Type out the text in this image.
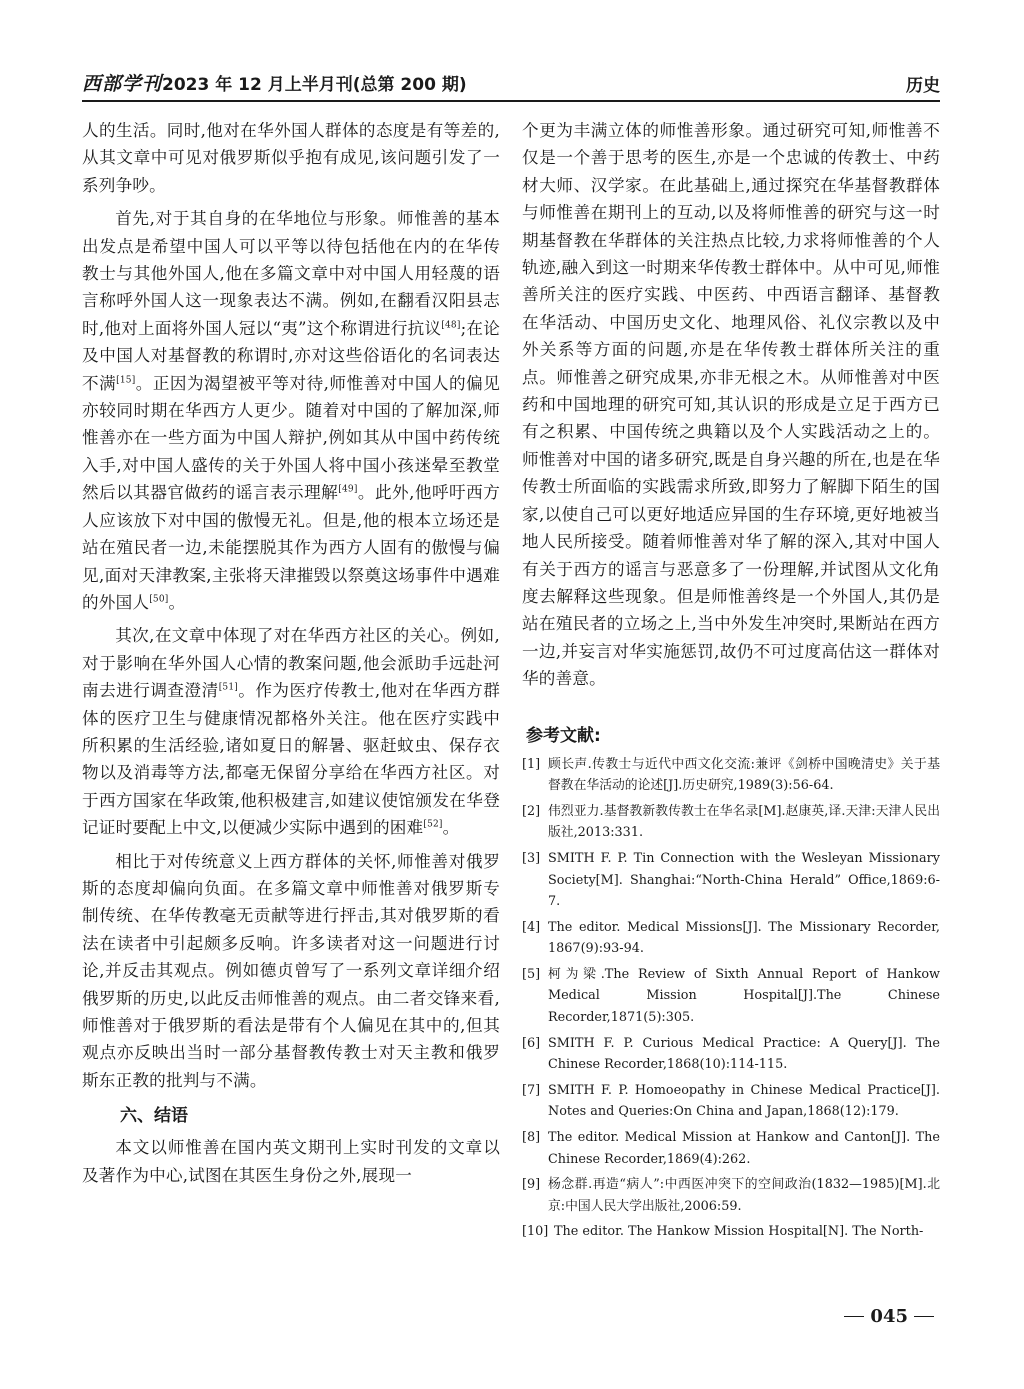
西部学刊 2023 年 12 月上半月刊(总第 200 期)	历史

人的生活。同时,他对在华外国人群体的态度是有等差的,从其文章中可见对俄罗斯似乎抱有成见,该问题引发了一系列争吵。

首先,对于其自身的在华地位与形象。师惟善的基本出发点是希望中国人可以平等以待包括他在内的在华传教士与其他外国人,他在多篇文章中对中国人用轻蔑的语言称呼外国人这一现象表达不满。例如,在翻看汉阳县志时,他对上面将外国人冠以“夷”这个称谓进行抗议[48];在论及中国人对基督教的称谓时,亦对这些俗语化的名词表达不满[15]。正因为渴望被平等对待,师惟善对中国人的偏见亦较同时期在华西方人更少。随着对中国的了解加深,师惟善亦在一些方面为中国人辩护,例如其从中国中药传统入手,对中国人盛传的关于外国人将中国小孩迷晕至教堂然后以其器官做药的谣言表示理解[49]。此外,他呼吁西方人应该放下对中国的傲慢无礼。但是,他的根本立场还是站在殖民者一边,未能摆脱其作为西方人固有的傲慢与偏见,面对天津教案,主张将天津摧毁以祭奠这场事件中遇难的外国人[50]。

其次,在文章中体现了对在华西方社区的关心。例如,对于影响在华外国人心情的教案问题,他会派助手远赴河南去进行调查澄清[51]。作为医疗传教士,他对在华西方群体的医疗卫生与健康情况都格外关注。他在医疗实践中所积累的生活经验,诸如夏日的解暑、驱赶蚊虫、保存衣物以及消毒等方法,都毫无保留分享给在华西方社区。对于西方国家在华政策,他积极建言,如建议使馆颁发在华登记证时要配上中文,以便减少实际中遇到的困难[52]。

相比于对传统意义上西方群体的关怀,师惟善对俄罗斯的态度却偏向负面。在多篇文章中师惟善对俄罗斯专制传统、在华传教毫无贡献等进行抨击,其对俄罗斯的看法在读者中引起颇多反响。许多读者对这一问题进行讨论,并反击其观点。例如德贞曾写了一系列文章详细介绍俄罗斯的历史,以此反击师惟善的观点。由二者交锋来看,师惟善对于俄罗斯的看法是带有个人偏见在其中的,但其观点亦反映出当时一部分基督教传教士对天主教和俄罗斯东正教的批判与不满。

六、结语

本文以师惟善在国内英文期刊上实时刊发的文章以及著作为中心,试图在其医生身份之外,展现一

个更为丰满立体的师惟善形象。通过研究可知,师惟善不仅是一个善于思考的医生,亦是一个忠诚的传教士、中药材大师、汉学家。在此基础上,通过探究在华基督教群体与师惟善在期刊上的互动,以及将师惟善的研究与这一时期基督教在华群体的关注热点比较,力求将师惟善的个人轨迹,融入到这一时期来华传教士群体中。从中可见,师惟善所关注的医疗实践、中医药、中西语言翻译、基督教在华活动、中国历史文化、地理风俗、礼仪宗教以及中外关系等方面的问题,亦是在华传教士群体所关注的重点。师惟善之研究成果,亦非无根之木。从师惟善对中医药和中国地理的研究可知,其认识的形成是立足于西方已有之积累、中国传统之典籍以及个人实践活动之上的。师惟善对中国的诸多研究,既是自身兴趣的所在,也是在华传教士所面临的实践需求所致,即努力了解脚下陌生的国家,以使自己可以更好地适应异国的生存环境,更好地被当地人民所接受。随着师惟善对华了解的深入,其对中国人有关于西方的谣言与恶意多了一份理解,并试图从文化角度去解释这些现象。但是师惟善终是一个外国人,其仍是站在殖民者的立场之上,当中外发生冲突时,果断站在西方一边,并妄言对华实施惩罚,故仍不可过度高估这一群体对华的善意。

参考文献:
[1] 顾长声.传教士与近代中西文化交流:兼评《剑桥中国晚清史》关于基督教在华活动的论述[J].历史研究,1989(3):56-64.
[2] 伟烈亚力.基督教新教传教士在华名录[M].赵康英,译.天津:天津人民出版社,2013:331.
[3] SMITH F. P. Tin Connection with the Wesleyan Missionary Society[M]. Shanghai:“North-China Herald” Office,1869:6-7.
[4] The editor. Medical Missions[J]. The Missionary Recorder, 1867(9):93-94.
[5] 柯为梁.The Review of Sixth Annual Report of Hankow Medical Mission Hospital[J].The Chinese Recorder,1871(5):305.
[6] SMITH F. P. Curious Medical Practice: A Query[J]. The Chinese Recorder,1868(10):114-115.
[7] SMITH F. P. Homoeopathy in Chinese Medical Practice[J]. Notes and Queries:On China and Japan,1868(12):179.
[8] The editor. Medical Mission at Hankow and Canton[J]. The Chinese Recorder,1869(4):262.
[9] 杨念群.再造“病人”:中西医冲突下的空间政治(1832—1985)[M].北京:中国人民大学出版社,2006:59.
[10] The editor. The Hankow Mission Hospital[N]. The North-
045
